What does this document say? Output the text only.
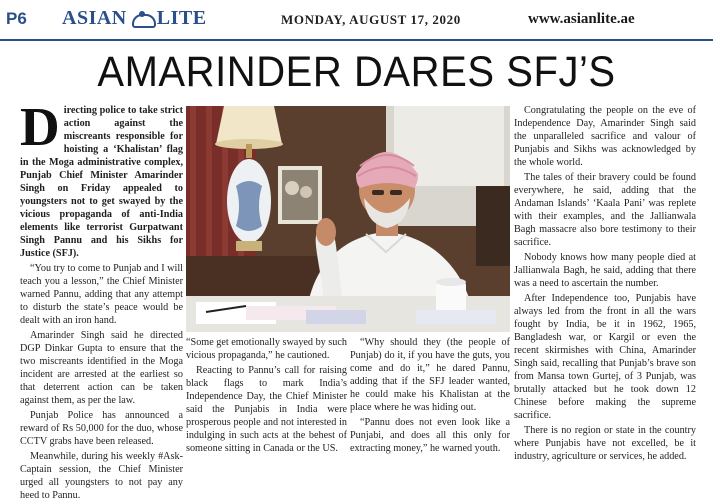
P6 ASIAN LITE	MONDAY, AUGUST 17, 2020	www.asianlite.ae
AMARINDER DARES SFJ’S

Directing police to take strict action against the miscreants responsible for hoisting a ‘Khalistan’ flag in the Moga administrative complex, Punjab Chief Minister Amarinder Singh on Friday appealed to youngsters not to get swayed by the vicious propaganda of anti-India elements like terrorist Gurpatwant Singh Pannu and his Sikhs for Justice (SFJ).

“You try to come to Punjab and I will teach you a lesson,” the Chief Minister warned Pannu, adding that any attempt to disturb the state’s peace would be dealt with an iron hand.

Amarinder Singh said he directed DGP Dinkar Gupta to ensure that the two miscreants identified in the Moga incident are arrested at the earliest so that deterrent action can be taken against them, as per the law.

Punjab Police has announced a reward of Rs 50,000 for the duo, whose CCTV grabs have been released.

Meanwhile, during his weekly #Ask-Captain session, the Chief Minister urged all youngsters to not pay any heed to Pannu.

“Some get emotionally swayed by such vicious propaganda,” he cautioned.

Reacting to Pannu’s call for raising black flags to mark India’s Independence Day, the Chief Minister said the Punjabis in India were prosperous people and not interested in indulging in such acts at the behest of someone sitting in Canada or the US.

“Why should they (the people of Punjab) do it, if you have the guts, you come and do it,” he dared Pannu, adding that if the SFJ leader wanted, he could make his Khalistan at the place where he was hiding out.

“Pannu does not even look like a Punjabi, and does all this only for extracting money,” he warned youth.

Congratulating the people on the eve of Independence Day, Amarinder Singh said the unparalleled sacrifice and valour of Punjabis and Sikhs was acknowledged by the whole world.

The tales of their bravery could be found everywhere, he said, adding that the Andaman Islands’ ‘Kaala Pani’ was replete with their examples, and the Jallianwala Bagh massacre also bore testimony to their sacrifice.

Nobody knows how many people died at Jallianwala Bagh, he said, adding that there was a need to ascertain the number.

After Independence too, Punjabis have always led from the front in all the wars fought by India, be it in 1962, 1965, Bangladesh war, or Kargil or even the recent skirmishes with China, Amarinder Singh said, recalling that Punjab’s brave son from Mansa town Gurtej, of 3 Punjab, was brutally attacked but he took down 12 Chinese before making the supreme sacrifice.

There is no region or state in the country where Punjabis have not excelled, be it industry, agriculture or services, he added.
